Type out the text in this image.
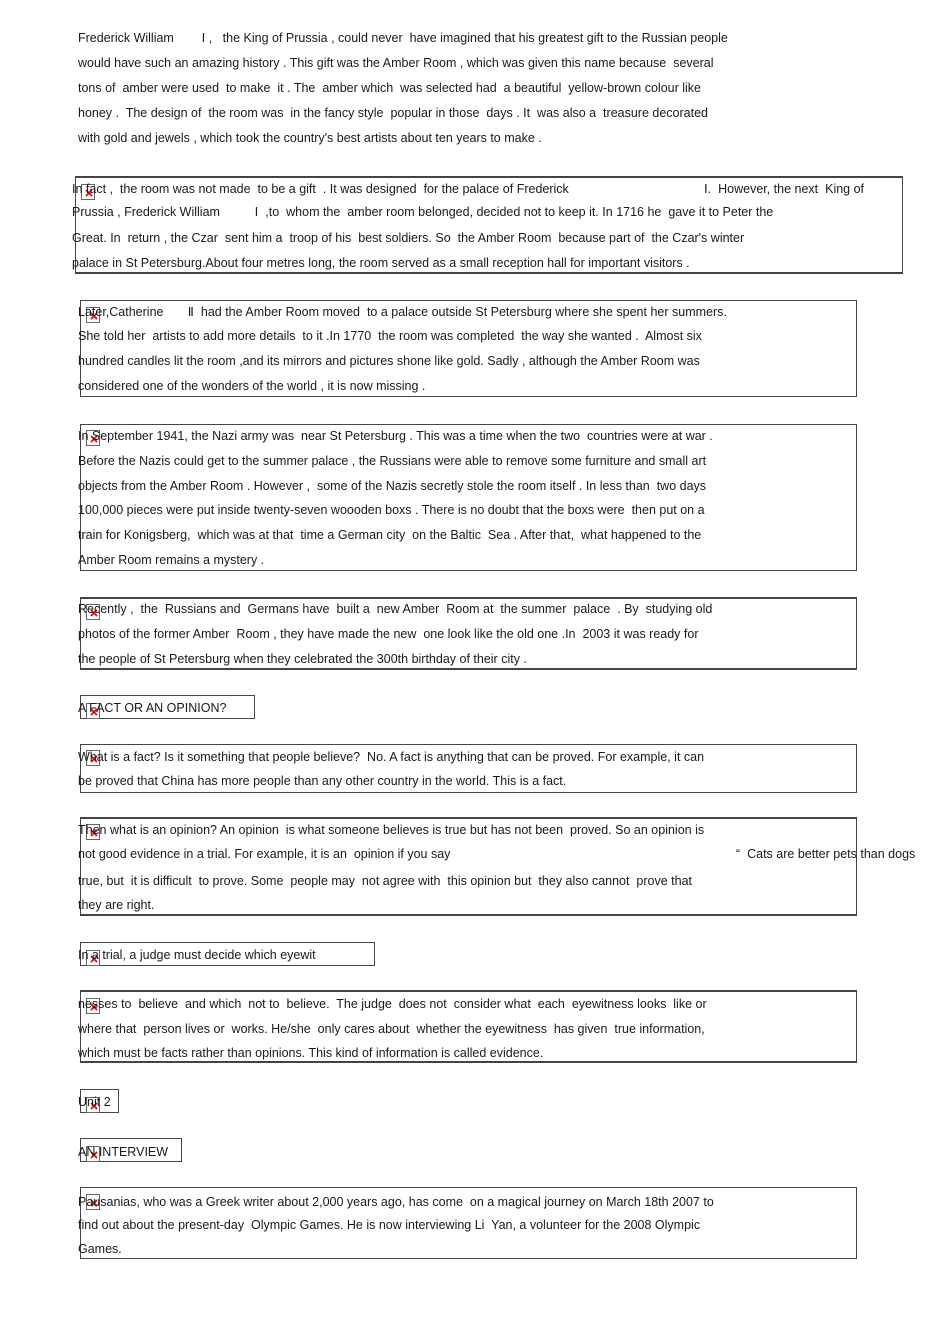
Frederick William        Ⅰ ,   the King of Prussia , could never  have imagined that his greatest gift to the Russian people
would have such an amazing history . This gift was the Amber Room , which was given this name because  several
tons of  amber were used  to make  it . The  amber which  was selected had  a beautiful  yellow-brown colour like
honey .  The design of  the room was  in the fancy style  popular in those  days . It  was also a  treasure decorated
with gold and jewels , which took the country's best artists about ten years to make .
In fact ,  the room was not made  to be a gift  . It was designed  for the palace of Frederick	Ⅰ.  However, the next  King of
Prussia , Frederick William          Ⅰ  ,to  whom the  amber room belonged, decided not to keep it. In 1716 he  gave it to Peter the
Great. In  return , the Czar  sent him a  troop of his  best soldiers. So  the Amber Room  because part of  the Czar's winter
palace in St Petersburg.About four metres long, the room served as a small reception hall for important visitors .
Later,Catherine       Ⅱ  had the Amber Room moved  to a palace outside St Petersburg where she spent her summers.
She told her  artists to add more details  to it .In 1770  the room was completed  the way she wanted .  Almost six
hundred candles lit the room ,and its mirrors and pictures shone like gold. Sadly , although the Amber Room was
considered one of the wonders of the world , it is now missing .
In September 1941, the Nazi army was  near St Petersburg . This was a time when the two  countries were at war .
Before the Nazis could get to the summer palace , the Russians were able to remove some furniture and small art
objects from the Amber Room . However ,  some of the Nazis secretly stole the room itself . In less than  two days
100,000 pieces were put inside twenty-seven woooden boxs . There is no doubt that the boxs were  then put on a
train for Konigsberg,  which was at that  time a German city  on the Baltic  Sea . After that,  what happened to the
Amber Room remains a mystery .
Recently ,  the  Russians and  Germans have  built a  new Amber  Room at  the summer  palace  . By  studying old
photos of the former Amber  Room , they have made the new  one look like the old one .In  2003 it was ready for
the people of St Petersburg when they celebrated the 300th birthday of their city .
A FACT OR AN OPINION?
What is a fact? Is it something that people believe?  No. A fact is anything that can be proved. For example, it can
be proved that China has more people than any other country in the world. This is a fact.
Then what is an opinion? An opinion  is what someone believes is true but has not been  proved. So an opinion is
not good evidence in a trial. For example, it is an  opinion if you say	“  Cats are better pets than dogs
true, but  it is difficult  to prove. Some  people may  not agree with  this opinion but  they also cannot  prove that
they are right.
In a trial, a judge must decide which eyewit
nesses to  believe  and which  not to  believe.  The judge  does not  consider what  each  eyewitness looks  like or
where that  person lives or  works. He/she  only cares about  whether the eyewitness  has given  true information,
which must be facts rather than opinions. This kind of information is called evidence.
Unit 2
AN INTERVIEW
Pausanias, who was a Greek writer about 2,000 years ago, has come  on a magical journey on March 18th 2007 to
find out about the present-day  Olympic Games. He is now interviewing Li  Yan, a volunteer for the 2008 Olympic
Games.
